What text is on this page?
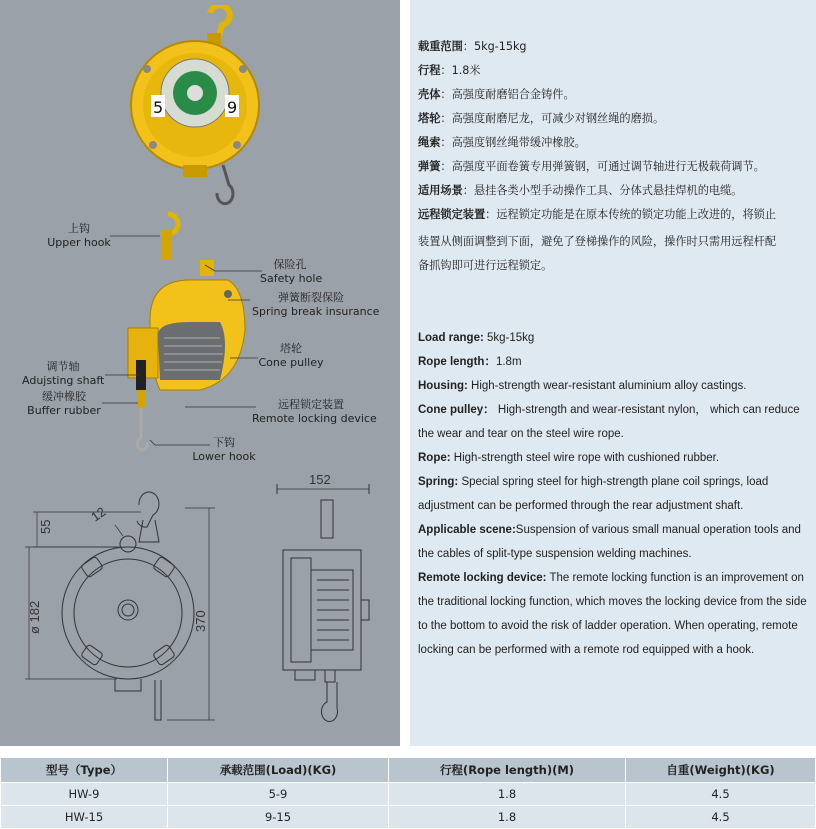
5	9
上钩
Upper hook
保险孔
Safety hole
弹簧断裂保险
Spring break insurance
塔轮
Cone pulley
调节轴
Adujsting shaft
缓冲橡胶
Buffer rubber	远程锁定装置
Remote locking device
下钩
Lower hook
55
12
ø 182	370
152
载重范围：5kg-15kg
行程：1.8米
壳体：高强度耐磨铝合金铸件。
塔轮：高强度耐磨尼龙，可减少对钢丝绳的磨损。
绳索：高强度钢丝绳带缓冲橡胶。
弹簧：高强度平面卷簧专用弹簧钢，可通过调节轴进行无极载荷调节。
适用场景：悬挂各类小型手动操作工具、分体式悬挂焊机的电缆。
远程锁定装置：远程锁定功能是在原本传统的锁定功能上改进的，将锁止
装置从侧面调整到下面，避免了登梯操作的风险，操作时只需用远程杆配
备抓钩即可进行远程锁定。

Load range: 5kg-15kg

Rope length：1.8m

Housing: High-strength wear-resistant aluminium alloy castings.

Cone pulley： High-strength and wear-resistant nylon， which can reduce the wear and tear on the steel wire rope.

Rope: High-strength steel wire rope with cushioned rubber.

Spring: Special spring steel for high-strength plane coil springs, load adjustment can be performed through the rear adjustment shaft.

Applicable scene:Suspension of various small manual operation tools and the cables of split-type suspension welding machines.

Remote locking device: The remote locking function is an improvement on the traditional locking function, which moves the locking device from the side to the bottom to avoid the risk of ladder operation. When operating, remote locking can be performed with a remote rod equipped with a hook.

型号（Type）	承载范围(Load)(KG)	行程(Rope length)(M)	自重(Weight)(KG)
HW-9	5-9	1.8	4.5
HW-15	9-15	1.8	4.5
